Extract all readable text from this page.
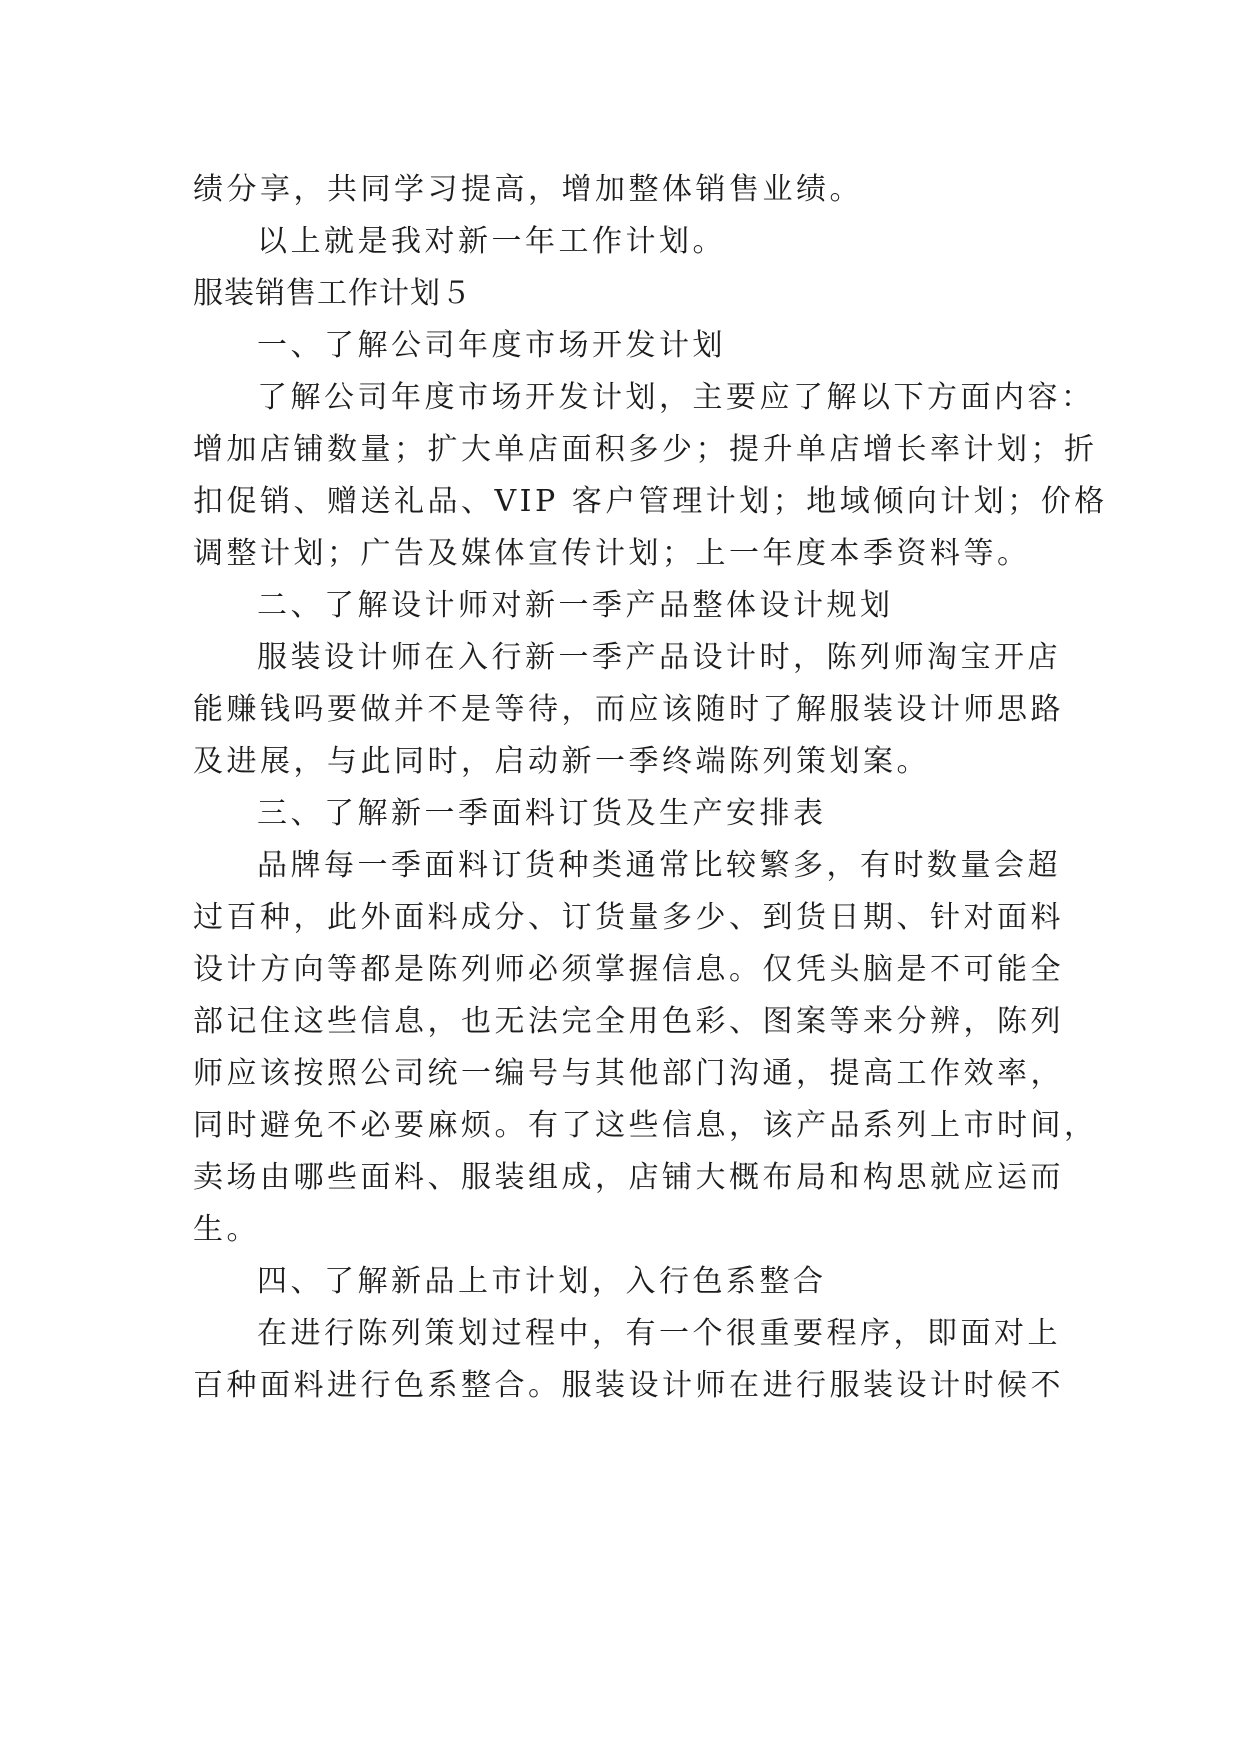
绩分享，共同学习提高，增加整体销售业绩。

以上就是我对新一年工作计划。

服装销售工作计划５

一、了解公司年度市场开发计划

了解公司年度市场开发计划，主要应了解以下方面内容：

增加店铺数量；扩大单店面积多少；提升单店增长率计划；折

扣促销、赠送礼品、VIP 客户管理计划；地域倾向计划；价格

调整计划；广告及媒体宣传计划；上一年度本季资料等。

二、了解设计师对新一季产品整体设计规划

服装设计师在入行新一季产品设计时，陈列师淘宝开店

能赚钱吗要做并不是等待，而应该随时了解服装设计师思路

及进展，与此同时，启动新一季终端陈列策划案。

三、了解新一季面料订货及生产安排表

品牌每一季面料订货种类通常比较繁多，有时数量会超

过百种，此外面料成分、订货量多少、到货日期、针对面料

设计方向等都是陈列师必须掌握信息。仅凭头脑是不可能全

部记住这些信息，也无法完全用色彩、图案等来分辨，陈列

师应该按照公司统一编号与其他部门沟通，提高工作效率，

同时避免不必要麻烦。有了这些信息，该产品系列上市时间，

卖场由哪些面料、服装组成，店铺大概布局和构思就应运而

生。

四、了解新品上市计划，入行色系整合

在进行陈列策划过程中，有一个很重要程序，即面对上

百种面料进行色系整合。服装设计师在进行服装设计时候不
